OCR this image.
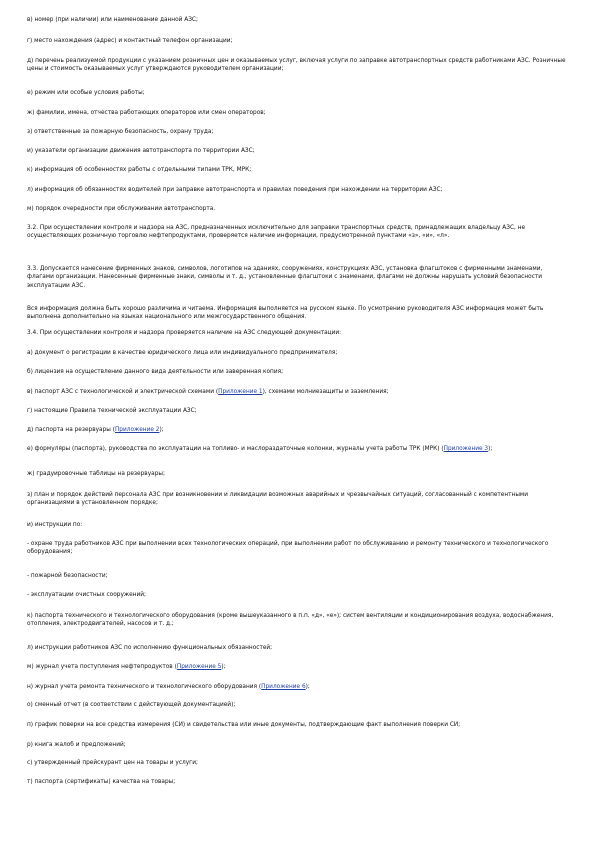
в) номер (при наличии) или наименование данной АЗС;

г) место нахождения (адрес) и контактный телефон организации;

д) перечень реализуемой продукции с указанием розничных цен и оказываемых услуг, включая услуги по заправке автотранспортных средств работниками АЗС. Розничные цены и стоимость оказываемых услуг утверждаются руководителем организации;

е) режим или особые условия работы;

ж) фамилии, имена, отчества работающих операторов или смен операторов;

з) ответственные за пожарную безопасность, охрану труда;

и) указатели организации движения автотранспорта по территории АЗС;

к) информация об особенностях работы с отдельными типами ТРК, МРК;

л) информация об обязанностях водителей при заправке автотранспорта и правилах поведения при нахождении на территории АЗС;

м) порядок очередности при обслуживании автотранспорта.

3.2. При осуществлении контроля и надзора на АЗС, предназначенных исключительно для заправки транспортных средств, принадлежащих владельцу АЗС, не осуществляющих розничную торговлю нефтепродуктами, проверяется наличие информации, предусмотренной пунктами «з», «и», «л».

3.3. Допускается нанесение фирменных знаков, символов, логотипов на зданиях, сооружениях, конструкциях АЗС, установка флагштоков с фирменными знаменами, флагами организации. Нанесенные фирменные знаки, символы и т. д., установленные флагштоки с знаменами, флагами не должны нарушать условий безопасности эксплуатации АЗС.

Вся информация должна быть хорошо различима и читаема. Информация выполняется на русском языке. По усмотрению руководителя АЗС информация может быть выполнена дополнительно на языках национального или межгосударственного общения.

3.4. При осуществлении контроля и надзора проверяется наличие на АЗС следующей документации:

а) документ о регистрации в качестве юридического лица или индивидуального предпринимателя;

б) лицензия на осуществление данного вида деятельности или заверенная копия;

в) паспорт АЗС с технологической и электрической схемами (Приложение 1), схемами молниезащиты и заземления;

г) настоящие Правила технической эксплуатации АЗС;

д) паспорта на резервуары (Приложение 2);

е) формуляры (паспорта), руководства по эксплуатации на топливо- и маслораздаточные колонки, журналы учета работы ТРК (МРК) (Приложение 3);

ж) градуировочные таблицы на резервуары;

з) план и порядок действий персонала АЗС при возникновении и ликвидации возможных аварийных и чрезвычайных ситуаций, согласованный с компетентными организациями в установленном порядке;

и) инструкции по:

- охране труда работников АЗС при выполнении всех технологических операций, при выполнении работ по обслуживанию и ремонту технического и технологического оборудования;

- пожарной безопасности;

- эксплуатации очистных сооружений;

к) паспорта технического и технологического оборудования (кроме вышеуказанного в п.п. «д», «е»); систем вентиляции и кондиционирования воздуха, водоснабжения, отопления, электродвигателей, насосов и т. д.;

л) инструкции работников АЗС по исполнению функциональных обязанностей;

м) журнал учета поступления нефтепродуктов (Приложение 5);

н) журнал учета ремонта технического и технологического оборудования (Приложение 6);

о) сменный отчет (в соответствии с действующей документацией);

п) график поверки на все средства измерения (СИ) и свидетельства или иные документы, подтверждающие факт выполнения поверки СИ;

р) книга жалоб и предложений;

с) утвержденный прейскурант цен на товары и услуги;

т) паспорта (сертификаты) качества на товары;
